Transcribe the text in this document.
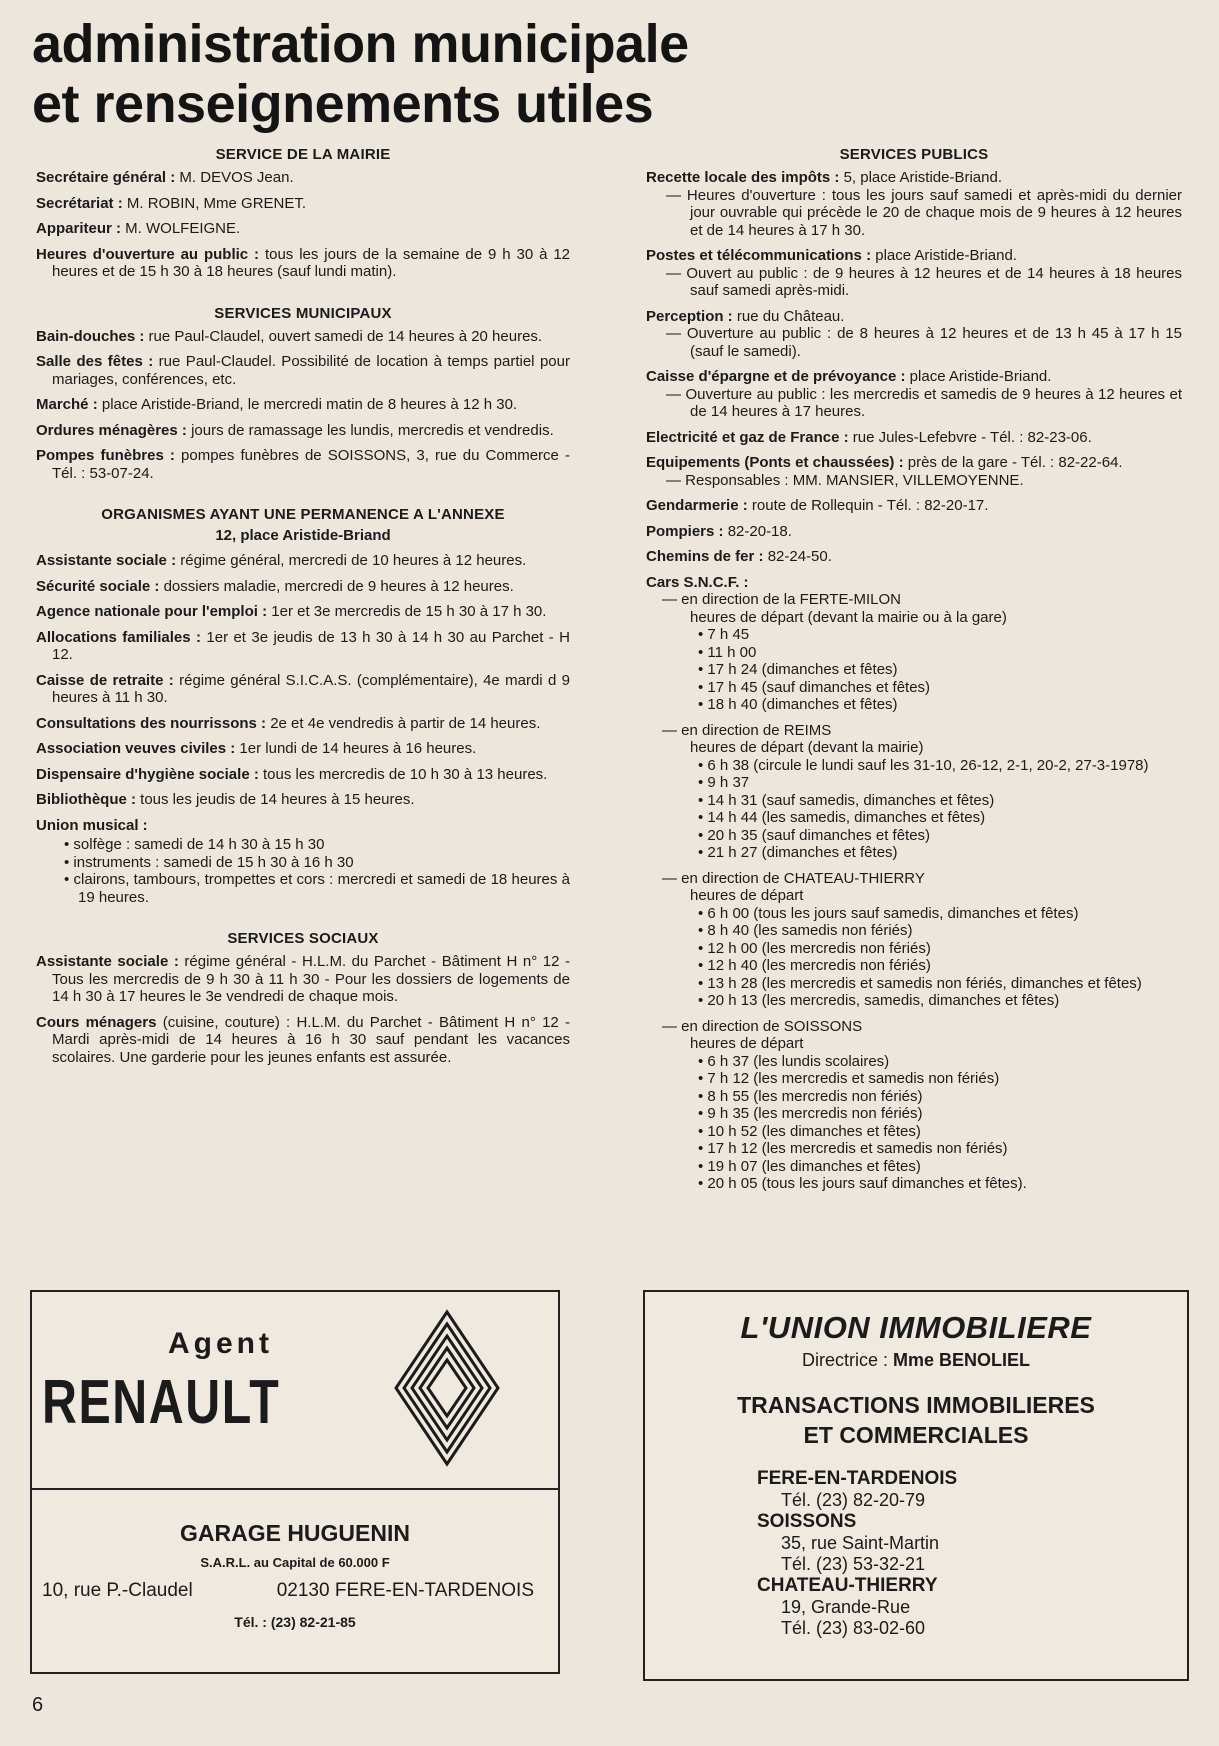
administration municipale
et renseignements utiles
SERVICE DE LA MAIRIE
Secrétaire général : M. DEVOS Jean.
Secrétariat : M. ROBIN, Mme GRENET.
Appariteur : M. WOLFEIGNE.
Heures d'ouverture au public : tous les jours de la semaine de 9 h 30 à 12 heures et de 15 h 30 à 18 heures (sauf lundi matin).
SERVICES MUNICIPAUX
Bain-douches : rue Paul-Claudel, ouvert samedi de 14 heures à 20 heures.
Salle des fêtes : rue Paul-Claudel. Possibilité de location à temps partiel pour mariages, conférences, etc.
Marché : place Aristide-Briand, le mercredi matin de 8 heures à 12 h 30.
Ordures ménagères : jours de ramassage les lundis, mercredis et vendredis.
Pompes funèbres : pompes funèbres de SOISSONS, 3, rue du Commerce - Tél. : 53-07-24.
ORGANISMES AYANT UNE PERMANENCE A L'ANNEXE
12, place Aristide-Briand
Assistante sociale : régime général, mercredi de 10 heures à 12 heures.
Sécurité sociale : dossiers maladie, mercredi de 9 heures à 12 heures.
Agence nationale pour l'emploi : 1er et 3e mercredis de 15 h 30 à 17 h 30.
Allocations familiales : 1er et 3e jeudis de 13 h 30 à 14 h 30 au Parchet - H 12.
Caisse de retraite : régime général S.I.C.A.S. (complémentaire), 4e mardi d 9 heures à 11 h 30.
Consultations des nourrissons : 2e et 4e vendredis à partir de 14 heures.
Association veuves civiles : 1er lundi de 14 heures à 16 heures.
Dispensaire d'hygiène sociale : tous les mercredis de 10 h 30 à 13 heures.
Bibliothèque : tous les jeudis de 14 heures à 15 heures.
Union musical :
• solfège : samedi de 14 h 30 à 15 h 30
• instruments : samedi de 15 h 30 à 16 h 30
• clairons, tambours, trompettes et cors : mercredi et samedi de 18 heures à 19 heures.
SERVICES SOCIAUX
Assistante sociale : régime général - H.L.M. du Parchet - Bâtiment H n° 12 - Tous les mercredis de 9 h 30 à 11 h 30 - Pour les dossiers de logements de 14 h 30 à 17 heures le 3e vendredi de chaque mois.
Cours ménagers (cuisine, couture) : H.L.M. du Parchet - Bâtiment H n° 12 - Mardi après-midi de 14 heures à 16 h 30 sauf pendant les vacances scolaires. Une garderie pour les jeunes enfants est assurée.
SERVICES PUBLICS
Recette locale des impôts : 5, place Aristide-Briand.
— Heures d'ouverture : tous les jours sauf samedi et après-midi du dernier jour ouvrable qui précède le 20 de chaque mois de 9 heures à 12 heures et de 14 heures à 17 h 30.
Postes et télécommunications : place Aristide-Briand.
— Ouvert au public : de 9 heures à 12 heures et de 14 heures à 18 heures sauf samedi après-midi.
Perception : rue du Château.
— Ouverture au public : de 8 heures à 12 heures et de 13 h 45 à 17 h 15 (sauf le samedi).
Caisse d'épargne et de prévoyance : place Aristide-Briand.
— Ouverture au public : les mercredis et samedis de 9 heures à 12 heures et de 14 heures à 17 heures.
Electricité et gaz de France : rue Jules-Lefebvre - Tél. : 82-23-06.
Equipements (Ponts et chaussées) : près de la gare - Tél. : 82-22-64.
— Responsables : MM. MANSIER, VILLEMOYENNE.
Gendarmerie : route de Rollequin - Tél. : 82-20-17.
Pompiers : 82-20-18.
Chemins de fer : 82-24-50.
Cars S.N.C.F. :
— en direction de la FERTE-MILON
heures de départ (devant la mairie ou à la gare)
• 7 h 45
• 11 h 00
• 17 h 24 (dimanches et fêtes)
• 17 h 45 (sauf dimanches et fêtes)
• 18 h 40 (dimanches et fêtes)
— en direction de REIMS
heures de départ (devant la mairie)
• 6 h 38 (circule le lundi sauf les 31-10, 26-12, 2-1, 20-2, 27-3-1978)
• 9 h 37
• 14 h 31 (sauf samedis, dimanches et fêtes)
• 14 h 44 (les samedis, dimanches et fêtes)
• 20 h 35 (sauf dimanches et fêtes)
• 21 h 27 (dimanches et fêtes)
— en direction de CHATEAU-THIERRY
heures de départ
• 6 h 00 (tous les jours sauf samedis, dimanches et fêtes)
• 8 h 40 (les samedis non fériés)
• 12 h 00 (les mercredis non fériés)
• 12 h 40 (les mercredis non fériés)
• 13 h 28 (les mercredis et samedis non fériés, dimanches et fêtes)
• 20 h 13 (les mercredis, samedis, dimanches et fêtes)
— en direction de SOISSONS
heures de départ
• 6 h 37 (les lundis scolaires)
• 7 h 12 (les mercredis et samedis non fériés)
• 8 h 55 (les mercredis non fériés)
• 9 h 35 (les mercredis non fériés)
• 10 h 52 (les dimanches et fêtes)
• 17 h 12 (les mercredis et samedis non fériés)
• 19 h 07 (les dimanches et fêtes)
• 20 h 05 (tous les jours sauf dimanches et fêtes).
Agent
RENAULT
GARAGE HUGUENIN
S.A.R.L. au Capital de 60.000 F
10, rue P.-Claudel	02130 FERE-EN-TARDENOIS
Tél. : (23) 82-21-85
L'UNION IMMOBILIERE
Directrice : Mme BENOLIEL
TRANSACTIONS IMMOBILIERES
ET COMMERCIALES
FERE-EN-TARDENOIS
Tél. (23) 82-20-79
SOISSONS
35, rue Saint-Martin
Tél. (23) 53-32-21
CHATEAU-THIERRY
19, Grande-Rue
Tél. (23) 83-02-60
6
